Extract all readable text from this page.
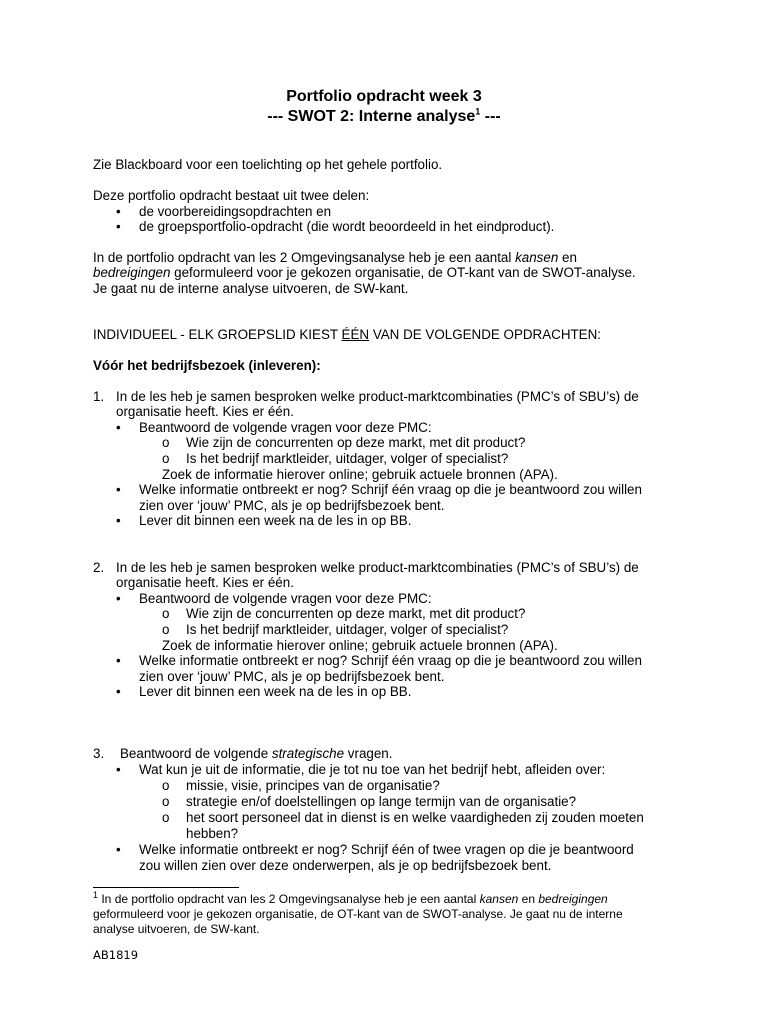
Portfolio opdracht week 3
--- SWOT 2: Interne analyse$^1$ ---
Zie Blackboard voor een toelichting op het gehele portfolio.
Deze portfolio opdracht bestaat uit twee delen:
• de voorbereidingsopdrachten en
• de groepsportfolio-opdracht (die wordt beoordeeld in het eindproduct).
In de portfolio opdracht van les 2 Omgevingsanalyse heb je een aantal kansen en
bedreigingen geformuleerd voor je gekozen organisatie, de OT-kant van de SWOT-analyse.
Je gaat nu de interne analyse uitvoeren, de SW-kant.
INDIVIDUEEL - ELK GROEPSLID KIEST ÉÉN VAN DE VOLGENDE OPDRACHTEN:
Vóór het bedrijfsbezoek (inleveren):
1. In de les heb je samen besproken welke product-marktcombinaties (PMC’s of SBU’s) de
organisatie heeft. Kies er één.
• Beantwoord de volgende vragen voor deze PMC:
o Wie zijn de concurrenten op deze markt, met dit product?
o Is het bedrijf marktleider, uitdager, volger of specialist?
Zoek de informatie hierover online; gebruik actuele bronnen (APA).
• Welke informatie ontbreekt er nog? Schrijf één vraag op die je beantwoord zou willen
zien over ‘jouw’ PMC, als je op bedrijfsbezoek bent.
• Lever dit binnen een week na de les in op BB.
2. In de les heb je samen besproken welke product-marktcombinaties (PMC’s of SBU’s) de
organisatie heeft. Kies er één.
• Beantwoord de volgende vragen voor deze PMC:
o Wie zijn de concurrenten op deze markt, met dit product?
o Is het bedrijf marktleider, uitdager, volger of specialist?
Zoek de informatie hierover online; gebruik actuele bronnen (APA).
• Welke informatie ontbreekt er nog? Schrijf één vraag op die je beantwoord zou willen
zien over ‘jouw’ PMC, als je op bedrijfsbezoek bent.
• Lever dit binnen een week na de les in op BB.
3. Beantwoord de volgende strategische vragen.
• Wat kun je uit de informatie, die je tot nu toe van het bedrijf hebt, afleiden over:
o missie, visie, principes van de organisatie?
o strategie en/of doelstellingen op lange termijn van de organisatie?
o het soort personeel dat in dienst is en welke vaardigheden zij zouden moeten
hebben?
• Welke informatie ontbreekt er nog? Schrijf één of twee vragen op die je beantwoord
zou willen zien over deze onderwerpen, als je op bedrijfsbezoek bent.
$^1$ In de portfolio opdracht van les 2 Omgevingsanalyse heb je een aantal kansen en bedreigingen
geformuleerd voor je gekozen organisatie, de OT-kant van de SWOT-analyse. Je gaat nu de interne
analyse uitvoeren, de SW-kant.
AB1819
